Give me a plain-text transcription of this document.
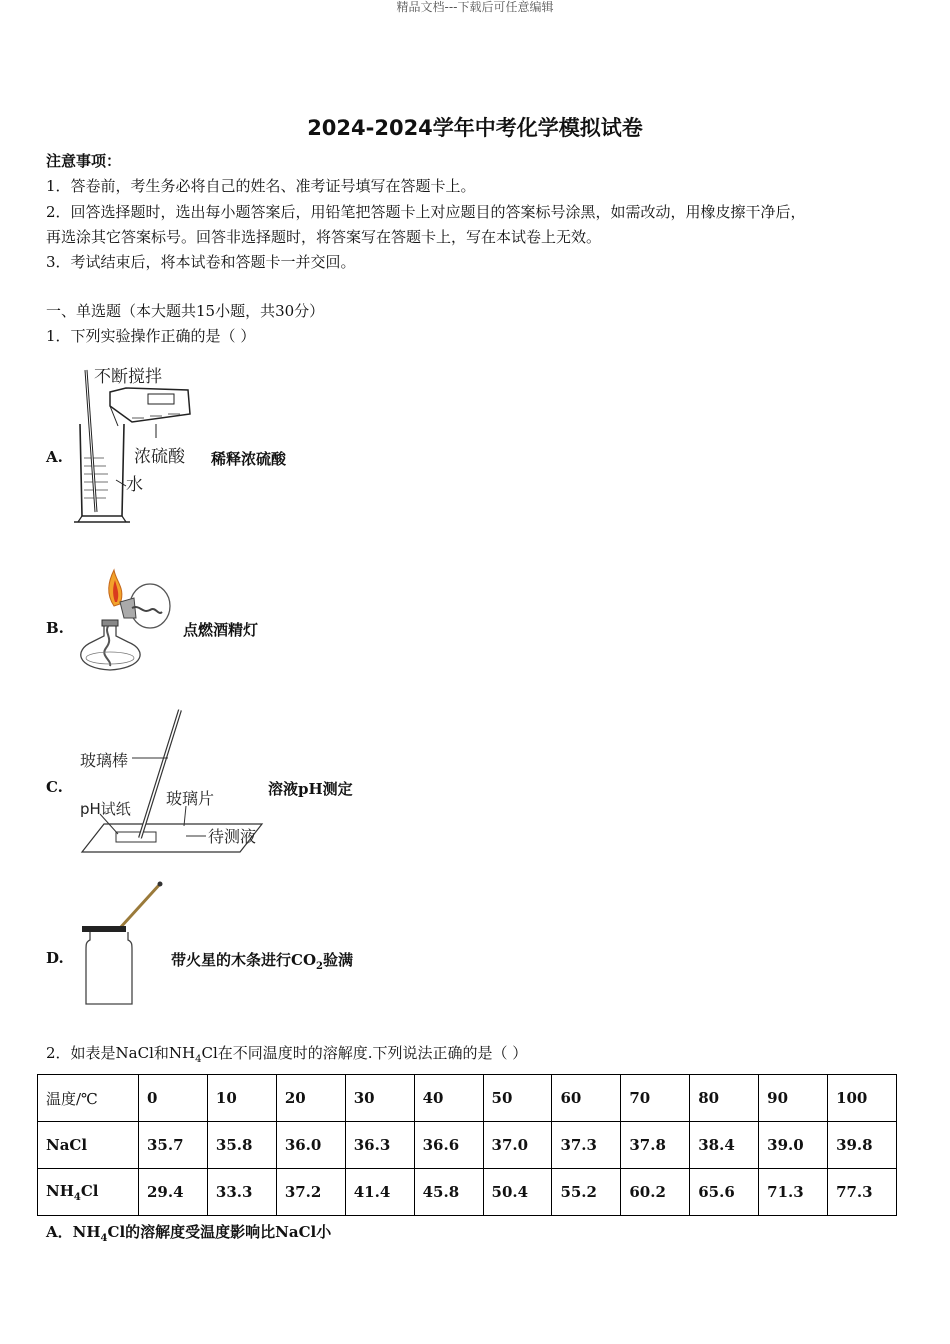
精品文档---下载后可任意编辑
2024-2024学年中考化学模拟试卷
注意事项：
1．答卷前，考生务必将自己的姓名、准考证号填写在答题卡上。
2．回答选择题时，选出每小题答案后，用铅笔把答题卡上对应题目的答案标号涂黑，如需改动，用橡皮擦干净后，
再选涂其它答案标号。回答非选择题时，将答案写在答题卡上，写在本试卷上无效。
3．考试结束后，将本试卷和答题卡一并交回。
一、单选题（本大题共15小题，共30分）
1．下列实验操作正确的是（ ）
A.
不断搅拌
浓硫酸
水
稀释浓硫酸
B.	点燃酒精灯
C.
玻璃棒
玻璃片
pH试纸
待测液
溶液pH测定
D.	带火星的木条进行$CO_2$验满
2．如表是NaCl和$NH_4Cl$在不同温度时的溶解度.下列说法正确的是（ ）
温度/℃	0	10	20	30	40	50	60	70	80	90	100
NaCl	35.7	35.8	36.0	36.3	36.6	37.0	37.3	37.8	38.4	39.0	39.8
$NH_4Cl$	29.4	33.3	37.2	41.4	45.8	50.4	55.2	60.2	65.6	71.3	77.3
A．$NH_4Cl$的溶解度受温度影响比NaCl小
